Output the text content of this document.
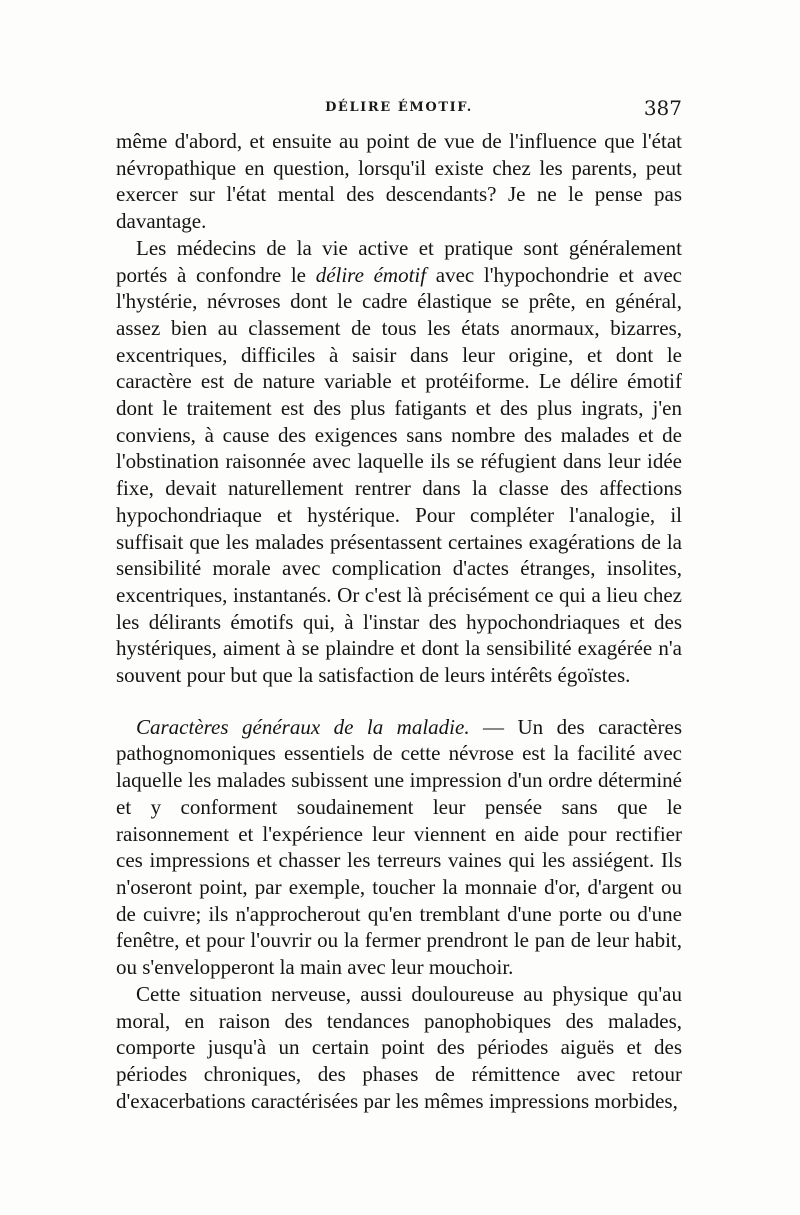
DÉLIRE ÉMOTIF.	387

même d'abord, et ensuite au point de vue de l'influence que l'état névropathique en question, lorsqu'il existe chez les parents, peut exercer sur l'état mental des descendants? Je ne le pense pas davantage.

Les médecins de la vie active et pratique sont généralement portés à confondre le délire émotif avec l'hypochondrie et avec l'hystérie, névroses dont le cadre élastique se prête, en général, assez bien au classement de tous les états anormaux, bizarres, excentriques, difficiles à saisir dans leur origine, et dont le caractère est de nature variable et protéiforme. Le délire émotif dont le traitement est des plus fatigants et des plus ingrats, j'en conviens, à cause des exigences sans nombre des malades et de l'obstination raisonnée avec laquelle ils se réfugient dans leur idée fixe, devait naturellement rentrer dans la classe des affections hypochondriaque et hystérique. Pour compléter l'analogie, il suffisait que les malades présentassent certaines exagérations de la sensibilité morale avec complication d'actes étranges, insolites, excentriques, instantanés. Or c'est là précisément ce qui a lieu chez les délirants émotifs qui, à l'instar des hypochondriaques et des hystériques, aiment à se plaindre et dont la sensibilité exagérée n'a souvent pour but que la satisfaction de leurs intérêts égoïstes.

Caractères généraux de la maladie. — Un des caractères pathognomoniques essentiels de cette névrose est la facilité avec laquelle les malades subissent une impression d'un ordre déterminé et y conforment soudainement leur pensée sans que le raisonnement et l'expérience leur viennent en aide pour rectifier ces impressions et chasser les terreurs vaines qui les assiégent. Ils n'oseront point, par exemple, toucher la monnaie d'or, d'argent ou de cuivre; ils n'approcherout qu'en tremblant d'une porte ou d'une fenêtre, et pour l'ouvrir ou la fermer prendront le pan de leur habit, ou s'envelopperont la main avec leur mouchoir.

Cette situation nerveuse, aussi douloureuse au physique qu'au moral, en raison des tendances panophobiques des malades, comporte jusqu'à un certain point des périodes aiguës et des périodes chroniques, des phases de rémittence avec retour d'exacerbations caractérisées par les mêmes impressions morbides,
